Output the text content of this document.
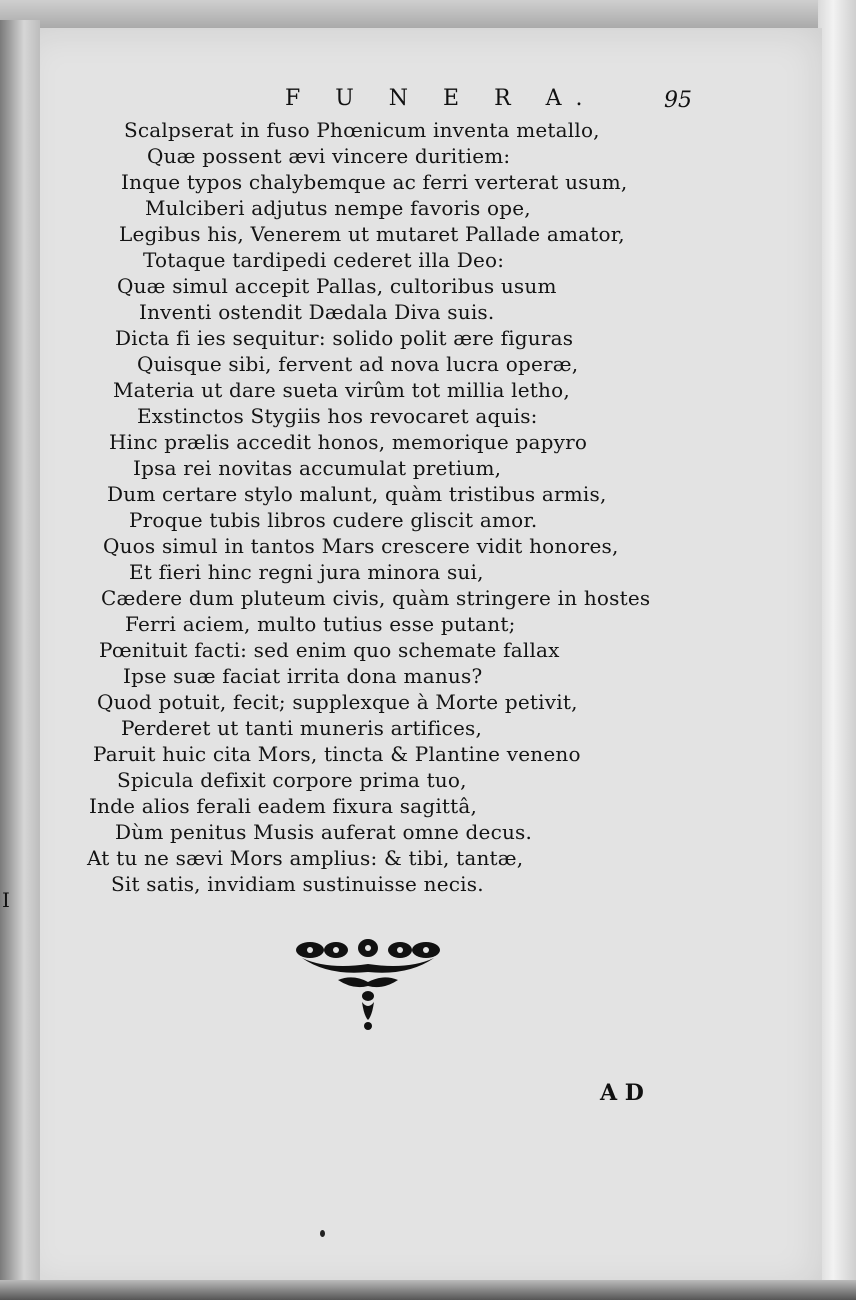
F U N E R A.	95
Scalpserat in fuso Phœnicum inventa metallo,
Quæ possent ævi vincere duritiem:
Inque typos chalybemque ac ferri verterat usum,
Mulciberi adjutus nempe favoris ope,
Legibus his, Venerem ut mutaret Pallade amator,
Totaque tardipedi cederet illa Deo:
Quæ simul accepit Pallas, cultoribus usum
Inventi ostendit Dædala Diva suis.
Dicta fi ies sequitur: solido polit ære figuras
Quisque sibi, fervent ad nova lucra operæ,
Materia ut dare sueta virûm tot millia letho,
Exstinctos Stygiis hos revocaret aquis:
Hinc prælis accedit honos, memorique papyro
Ipsa rei novitas accumulat pretium,
Dum certare stylo malunt, quàm tristibus armis,
Proque tubis libros cudere gliscit amor.
Quos simul in tantos Mars crescere vidit honores,
Et fieri hinc regni jura minora sui,
Cædere dum pluteum civis, quàm stringere in hostes
Ferri aciem, multo tutius esse putant;
Pœnituit facti: sed enim quo schemate fallax
Ipse suæ faciat irrita dona manus?
Quod potuit, fecit; supplexque à Morte petivit,
Perderet ut tanti muneris artifices,
Paruit huic cita Mors, tincta & Plantine veneno
Spicula defixit corpore prima tuo,
Inde alios ferali eadem fixura sagittâ,
Dùm penitus Musis auferat omne decus.
At tu ne sævi Mors amplius: & tibi, tantæ,
Sit satis, invidiam sustinuisse necis.
A D
I
